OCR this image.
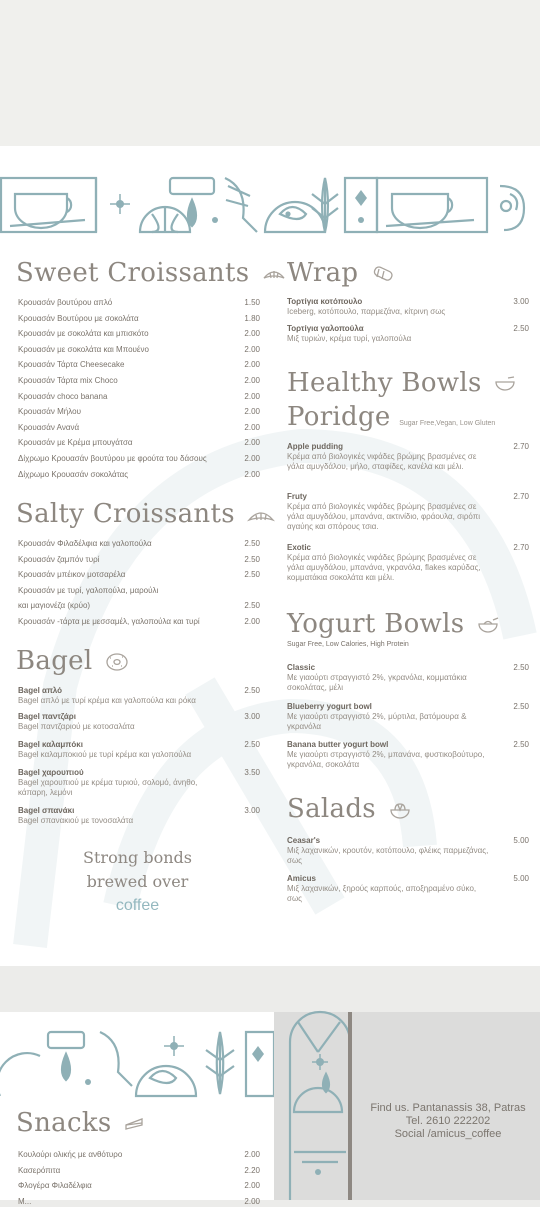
Sweet Croissants
Κρουασάν βουτύρου απλό	1.50
Κρουασάν Βουτύρου με σοκολάτα	1.80
Κρουασάν με σοκολάτα και μπισκότο	2.00
Κρουασάν με σοκολάτα και Μπουένο	2.00
Κρουασάν Τάρτα Cheesecake	2.00
Κρουασάν Τάρτα mix Choco	2.00
Κρουασάν choco banana	2.00
Κρουασάν Μήλου	2.00
Κρουασάν Ανανά	2.00
Κρουασάν με Κρέμα μπουγάτσα	2.00
Δίχρωμο Κρουασάν βουτύρου με φρούτα του δάσους	2.00
Δίχρωμο Κρουασάν σοκολάτας	2.00
Salty Croissants
Κρουασάν Φιλαδέλφια και γαλοπούλα	2.50
Κρουασάν ζαμπόν τυρί	2.50
Κρουασάν μπέικον μοτσαρέλα	2.50
Κρουασάν με τυρί, γαλοπούλα, μαρούλι
και μαγιονέζα (κρύο)	2.50
Κρουασάν -τάρτα με μεσσαμέλ, γαλοπούλα και τυρί	2.00
Bagel
Bagel απλό
Bagel απλό με τυρί κρέμα και γαλοπούλα και ρόκα
2.50
Bagel παντζάρι
Bagel παντζαριού με κοτοσαλάτα
3.00
Bagel καλαμπόκι
Bagel καλαμποκιού με τυρί κρέμα και γαλοπούλα
2.50
Bagel χαρουπιού
Bagel χαρουπιού με κρέμα τυριού, σολομό, άνηθο, κάπαρη, λεμόνι
3.50
Bagel σπανάκι
Bagel σπανακιού με τονοσαλάτα
3.00
Strong bonds
brewed over
coffee
Wrap
Τορτίγια κοτόπουλο
Iceberg, κοτόπουλο, παρμεζάνα, κίτρινη σως
3.00
Τορτίγια γαλοπούλα
Μιξ τυριών, κρέμα τυρί, γαλοπούλα
2.50
Healthy Bowls
Poridge Sugar Free,Vegan, Low Gluten
Apple pudding
Κρέμα από βιολογικές νιφάδες βρώμης βρασμένες σε γάλα αμυγδάλου, μήλο, σταφίδες, κανέλα και μέλι.
2.70
Fruty
Κρέμα από βιολογικές νιφάδες βρώμης βρασμένες σε γάλα αμυγδάλου, μπανάνα, ακτινίδιο, φράουλα, σιρόπι αγαύης και σπόρους τσια.
2.70
Exotic
Κρέμα από βιολογικές νιφάδες βρώμης βρασμένες σε γάλα αμυγδάλου, μπανάνα, γκρανόλα, flakes καρύδας, κομματάκια σοκολάτα και μέλι.
2.70
Yogurt Bowls
Sugar Free, Low Calories, High Protein
Classic
Με γιαούρτι στραγγιστό 2%, γκρανόλα, κομματάκια σοκολάτας, μέλι
2.50
Blueberry yogurt bowl
Με γιαούρτι στραγγιστό 2%, μύρτιλα, βατόμουρα & γκρανόλα
2.50
Banana butter yogurt bowl
Με γιαούρτι στραγγιστό 2%, μπανάνα, φυστικοβούτυρο, γκρανόλα, σοκολάτα
2.50
Salads
Ceasar's
Μιξ λαχανικών, κρουτόν, κοτόπουλο, φλέικς παρμεζάνας, σως
5.00
Amicus
Μιξ λαχανικών, ξηρούς καρπούς, αποξηραμένο σύκο, σως
5.00
Snacks
Κουλούρι ολικής με ανθότυρο	2.00
Κασερόπιτα	2.20
Φλογέρα Φιλαδέλφια	2.00
Μ...	2.00
Find us. Pantanassis 38, Patras
Tel. 2610 222202
Social /amicus_coffee
